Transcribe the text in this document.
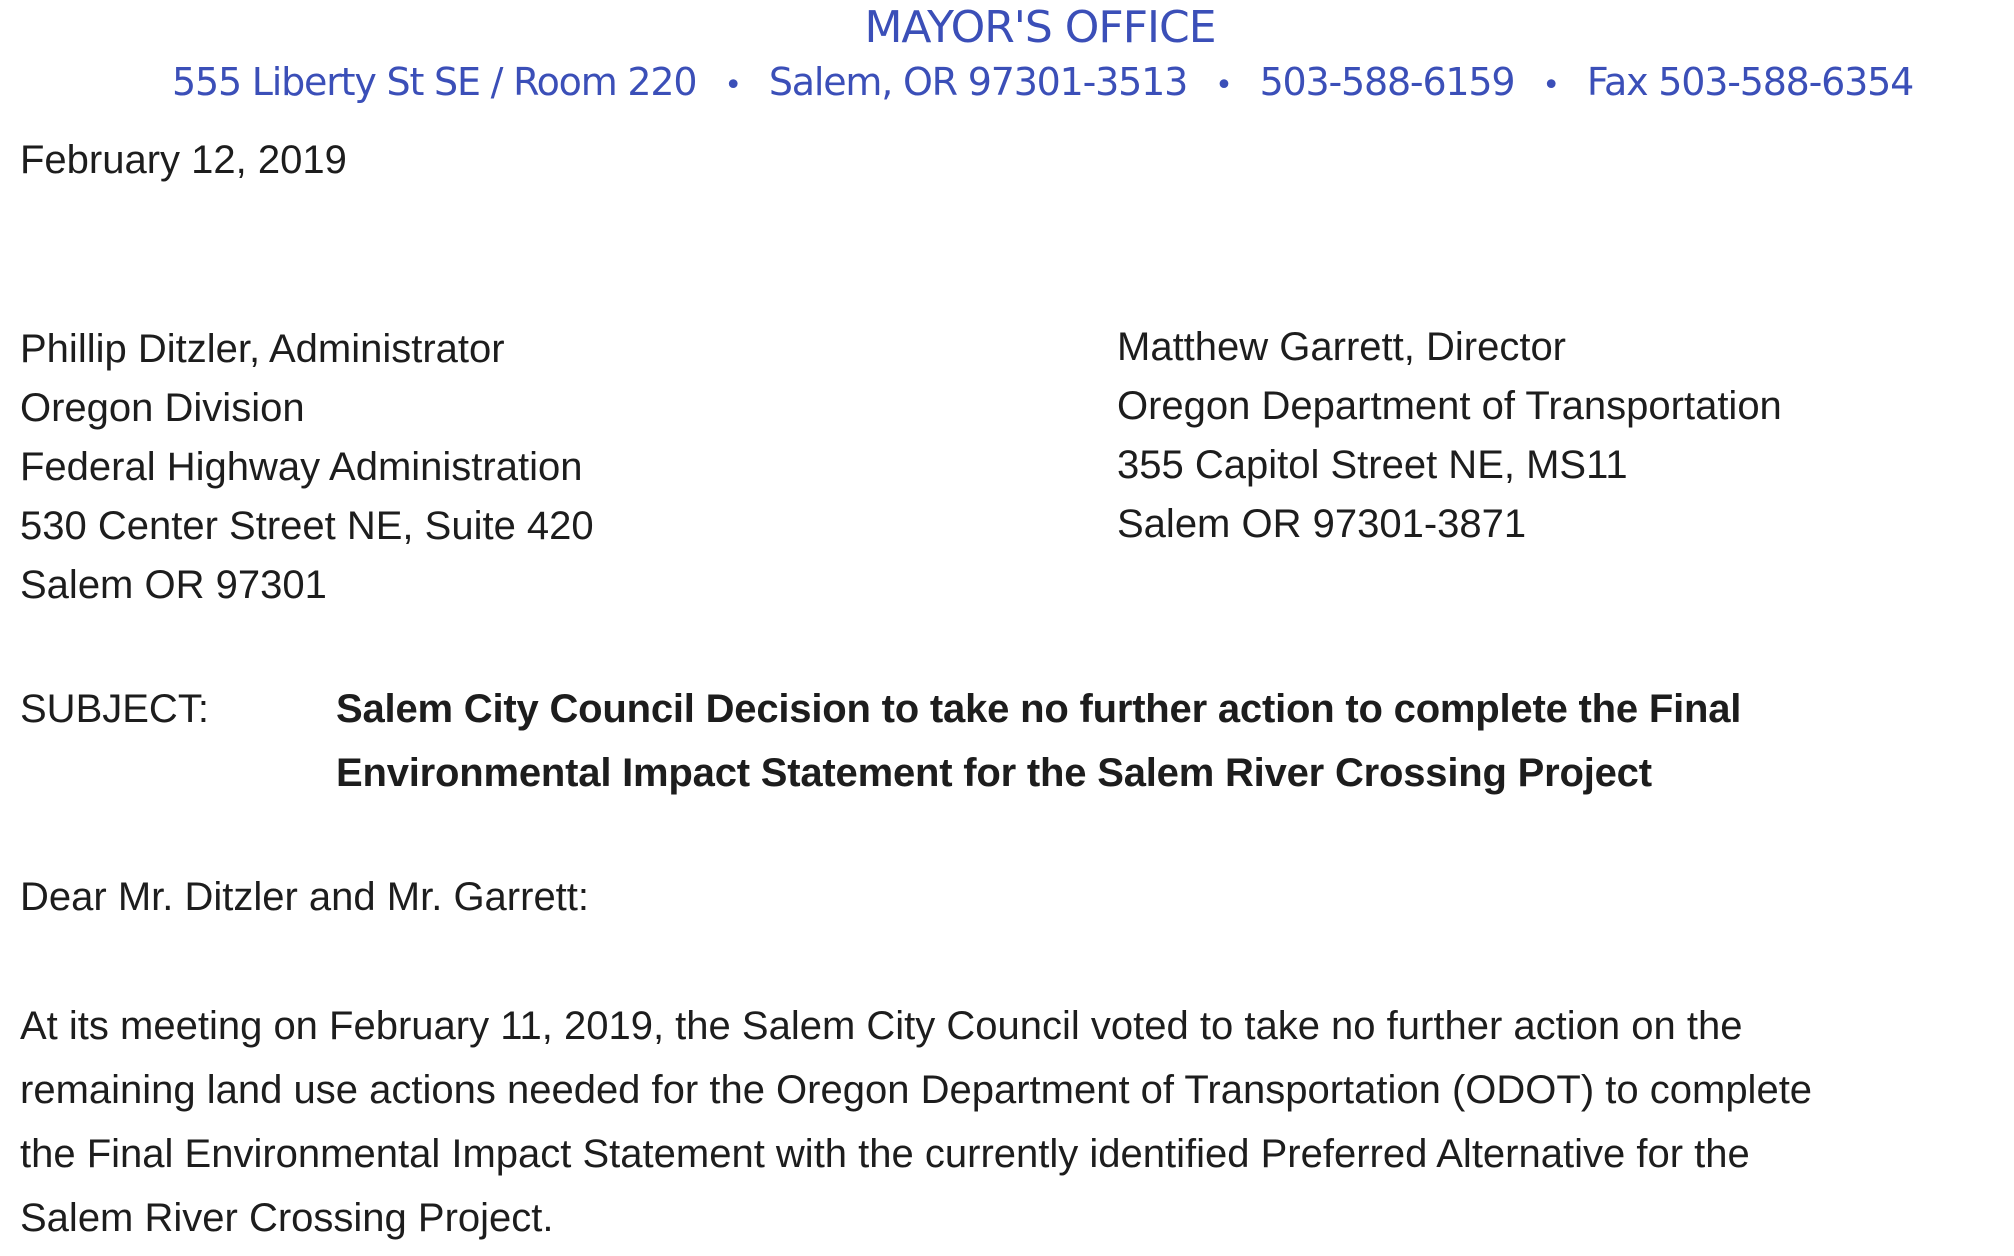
MAYOR'S OFFICE
555 Liberty St SE / Room 220 • Salem, OR 97301-3513 • 503-588-6159 • Fax 503-588-6354
February 12, 2019
Phillip Ditzler, Administrator
Oregon Division
Federal Highway Administration
530 Center Street NE, Suite 420
Salem OR 97301
Matthew Garrett, Director
Oregon Department of Transportation
355 Capitol Street NE, MS11
Salem OR 97301-3871
SUBJECT:	Salem City Council Decision to take no further action to complete the Final Environmental Impact Statement for the Salem River Crossing Project
Dear Mr. Ditzler and Mr. Garrett:
At its meeting on February 11, 2019, the Salem City Council voted to take no further action on the
remaining land use actions needed for the Oregon Department of Transportation (ODOT) to complete
the Final Environmental Impact Statement with the currently identified Preferred Alternative for the
Salem River Crossing Project.
